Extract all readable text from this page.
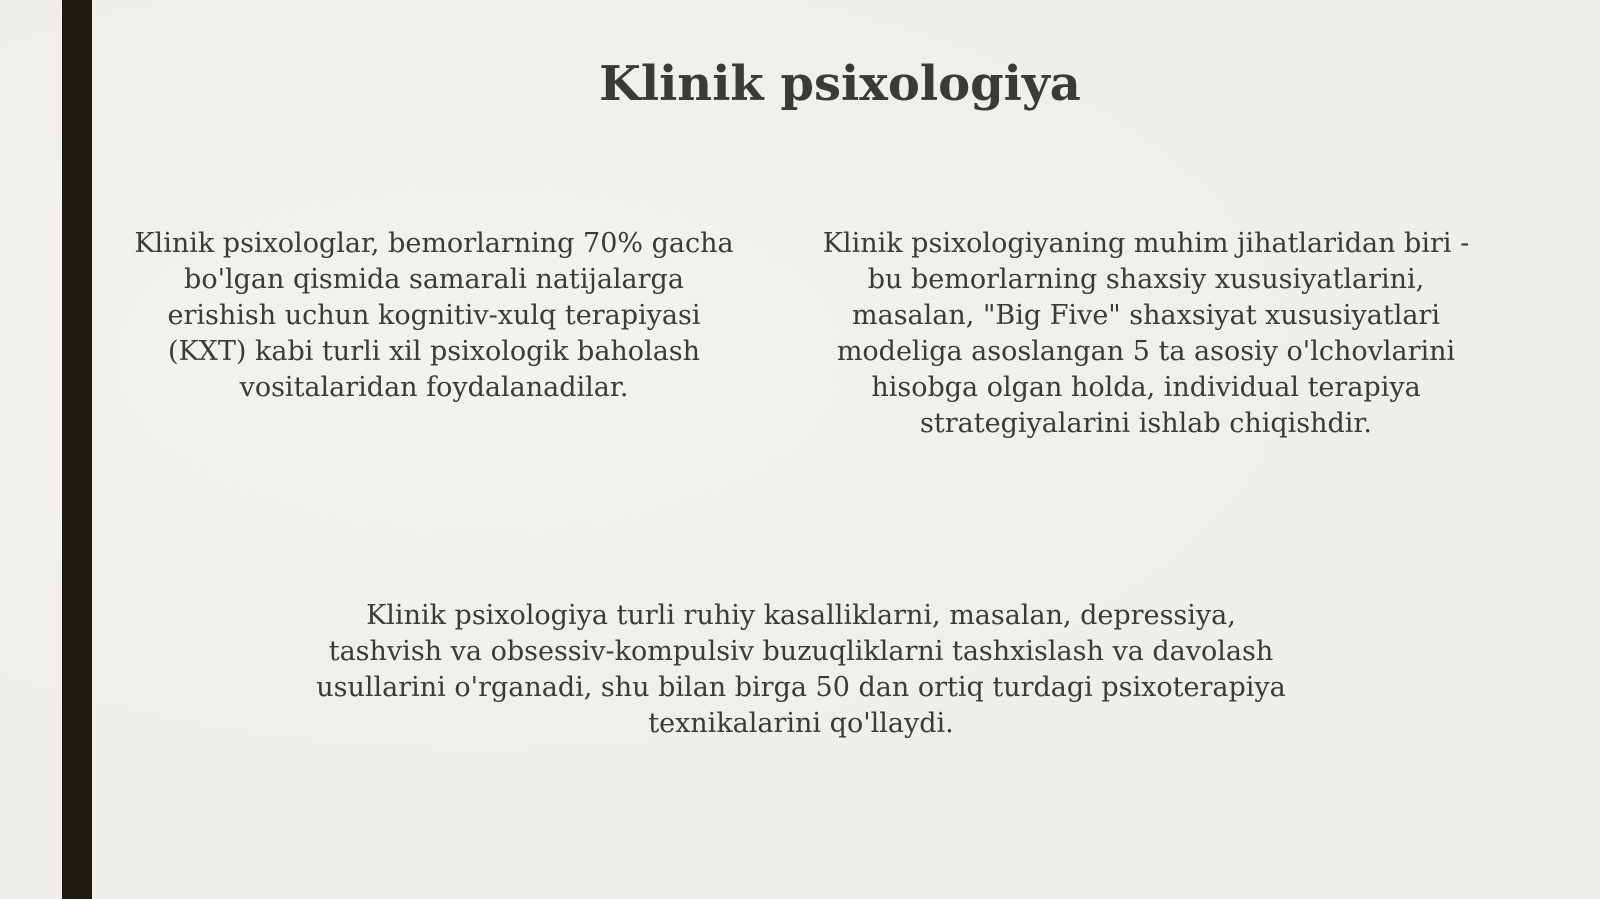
Klinik psixologiya

Klinik psixologlar, bemorlarning 70% gacha
bo'lgan qismida samarali natijalarga
erishish uchun kognitiv-xulq terapiyasi
(KXT) kabi turli xil psixologik baholash
vositalaridan foydalanadilar.

Klinik psixologiyaning muhim jihatlaridan biri -
bu bemorlarning shaxsiy xususiyatlarini,
masalan, "Big Five" shaxsiyat xususiyatlari
modeliga asoslangan 5 ta asosiy o'lchovlarini
hisobga olgan holda, individual terapiya
strategiyalarini ishlab chiqishdir.

Klinik psixologiya turli ruhiy kasalliklarni, masalan, depressiya,
tashvish va obsessiv-kompulsiv buzuqliklarni tashxislash va davolash
usullarini o'rganadi, shu bilan birga 50 dan ortiq turdagi psixoterapiya
texnikalarini qo'llaydi.
